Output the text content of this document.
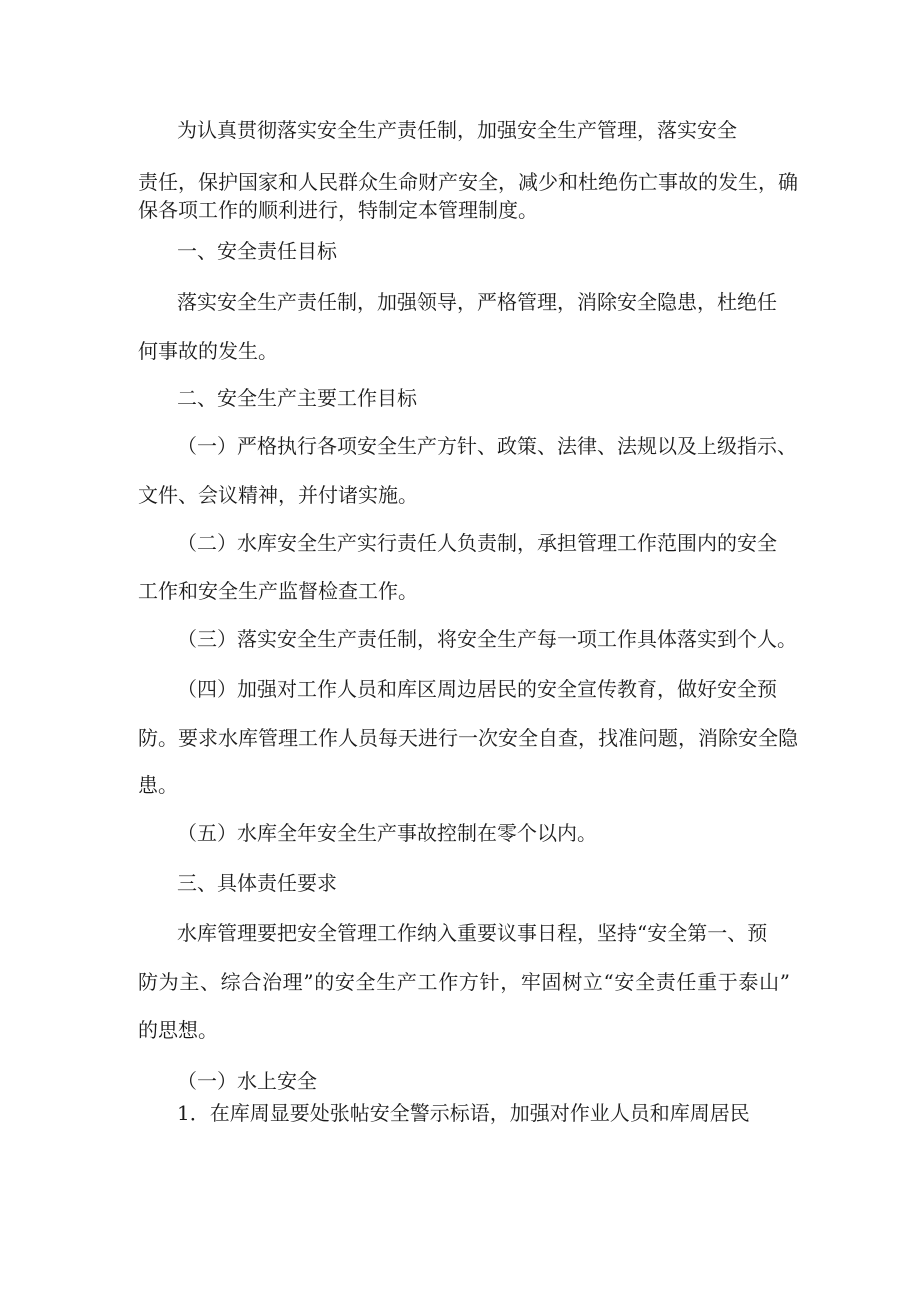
为认真贯彻落实安全生产责任制，加强安全生产管理，落实安全

责任，保护国家和人民群众生命财产安全，减少和杜绝伤亡事故的发生，确

保各项工作的顺利进行，特制定本管理制度。

一、安全责任目标

落实安全生产责任制，加强领导，严格管理，消除安全隐患，杜绝任

何事故的发生。

二、安全生产主要工作目标

（一）严格执行各项安全生产方针、政策、法律、法规以及上级指示、

文件、会议精神，并付诸实施。

（二）水库安全生产实行责任人负责制，承担管理工作范围内的安全

工作和安全生产监督检查工作。

（三）落实安全生产责任制，将安全生产每一项工作具体落实到个人。

（四）加强对工作人员和库区周边居民的安全宣传教育，做好安全预

防。要求水库管理工作人员每天进行一次安全自查，找准问题，消除安全隐

患。

（五）水库全年安全生产事故控制在零个以内。

三、具体责任要求

水库管理要把安全管理工作纳入重要议事日程，坚持“安全第一、预

防为主、综合治理”的安全生产工作方针，牢固树立“安全责任重于泰山”

的思想。

（一）水上安全

1．在库周显要处张帖安全警示标语，加强对作业人员和库周居民
